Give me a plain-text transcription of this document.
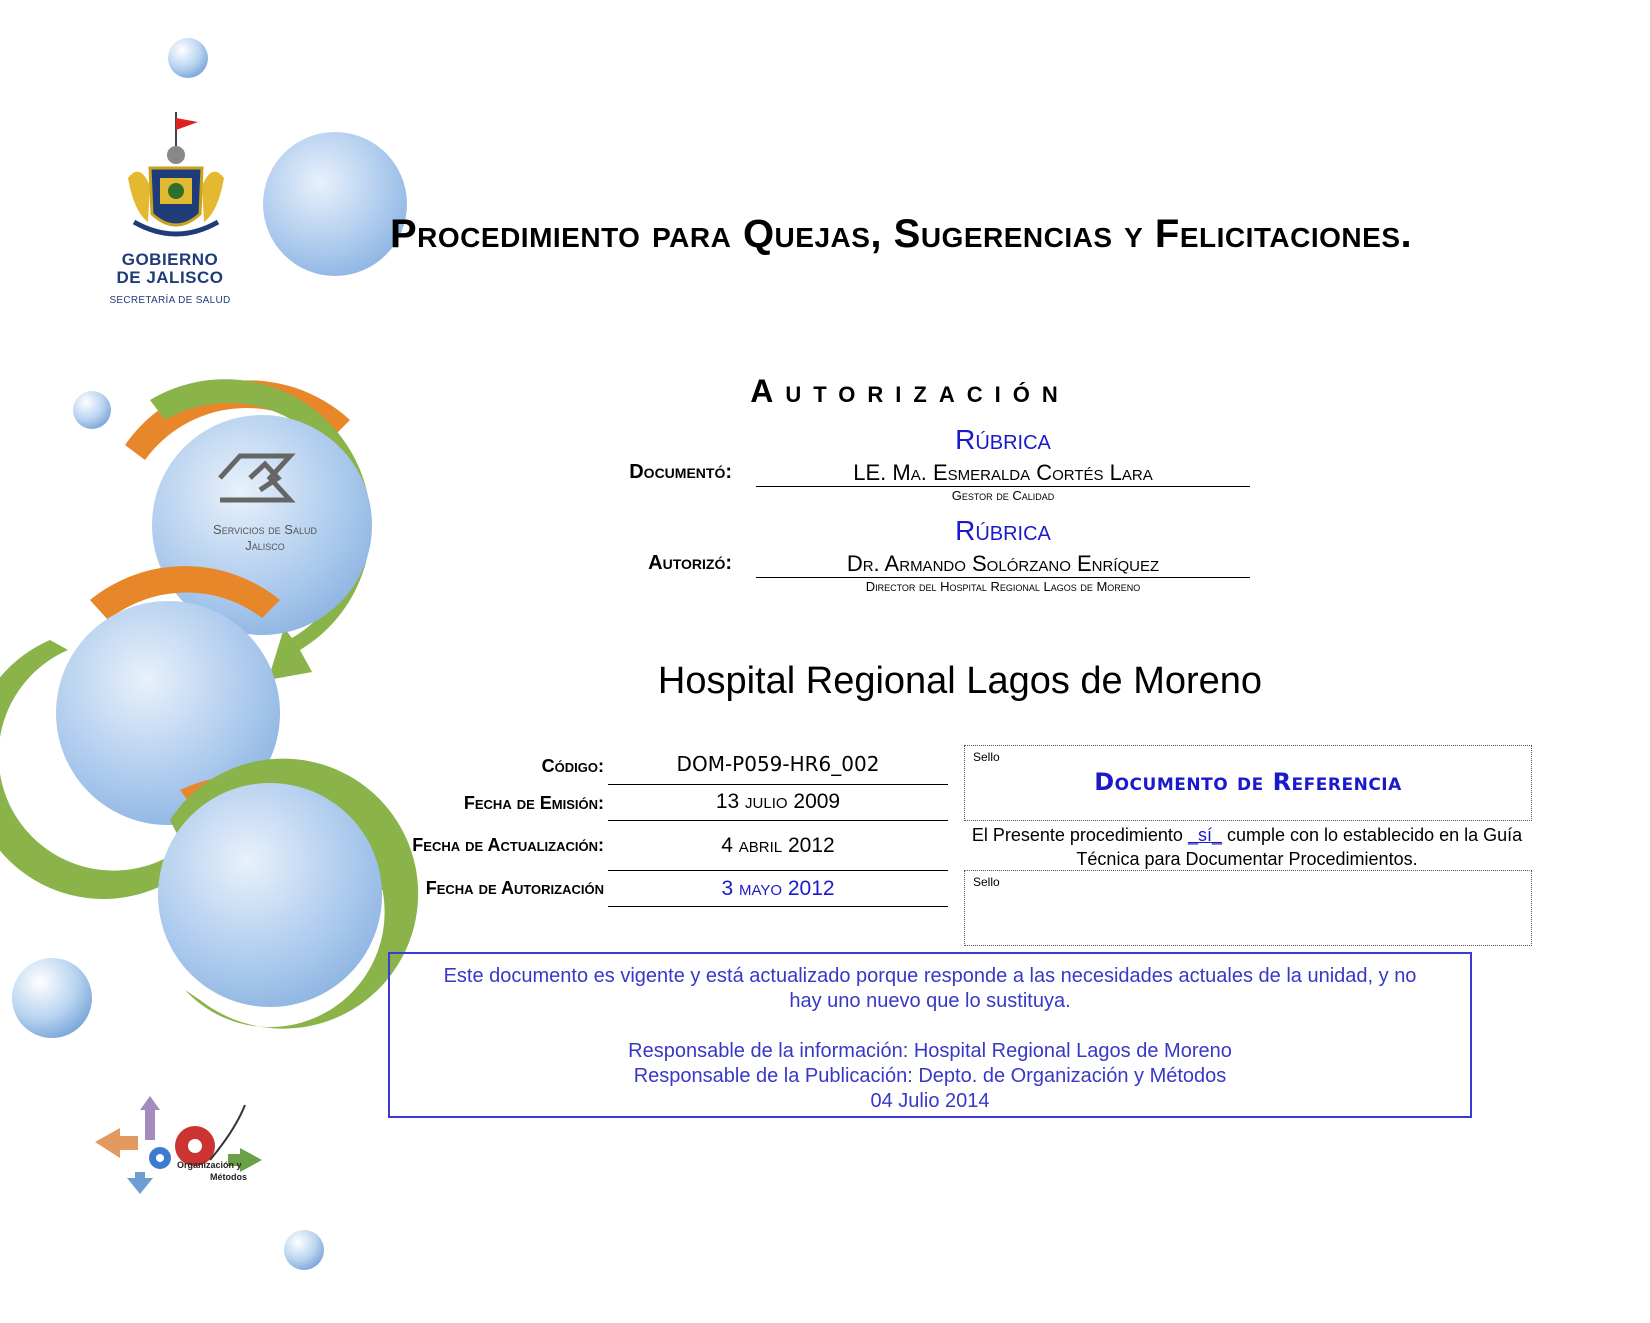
GOBIERNO
DE JALISCO
SECRETARÍA DE SALUD
Servicios de Salud
Jalisco
Organización y
Métodos
Procedimiento para Quejas, Sugerencias y Felicitaciones.
Autorización
Documentó:
Rúbrica
LE. Ma. Esmeralda Cortés Lara
Gestor de Calidad
Autorizó:
Rúbrica
Dr. Armando Solórzano Enríquez
Director del Hospital Regional Lagos de Moreno
Hospital Regional Lagos de Moreno
Código:	DOM-P059-HR6_002
Fecha de Emisión:	13 julio 2009
Fecha de Actualización:	4 abril 2012
Fecha de Autorización	3 mayo 2012
Sello
Documento de Referencia
El Presente procedimiento _sí_ cumple con lo establecido en la Guía Técnica para Documentar Procedimientos.
Sello

Este documento es vigente y está actualizado porque responde a las necesidades actuales de la unidad, y no hay uno nuevo que lo sustituya.

Responsable de la información: Hospital Regional Lagos de Moreno

Responsable de la Publicación: Depto. de Organización y Métodos

04 Julio 2014
